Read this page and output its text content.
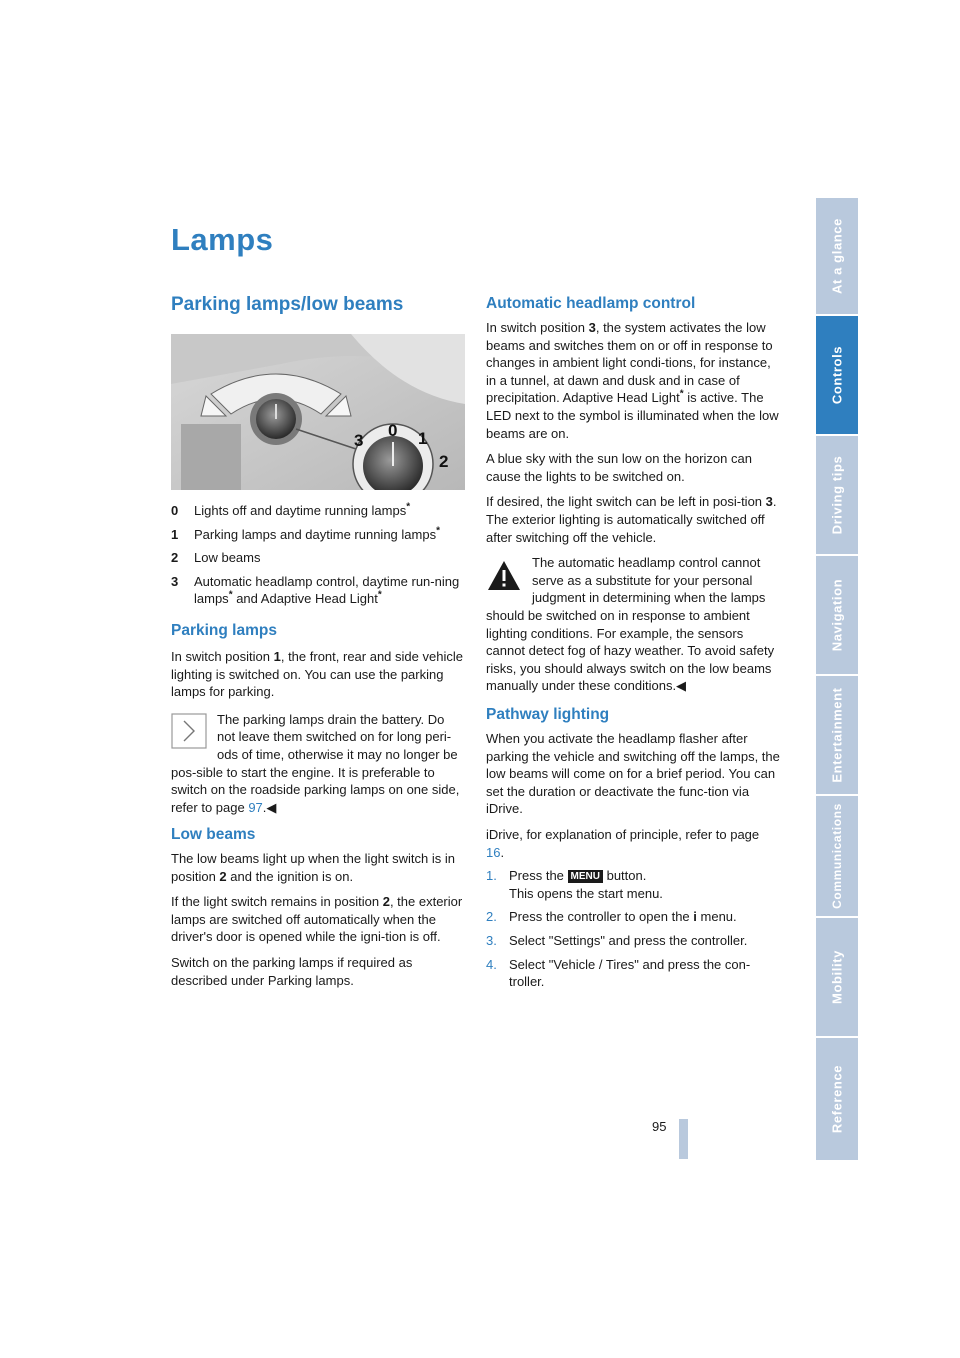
Lamps
Parking lamps/low beams
3
0 1
2
0 Lights off and daytime running lamps*
1 Parking lamps and daytime running lamps*
2 Low beams
3 Automatic headlamp control, daytime run-ning lamps* and Adaptive Head Light*
Parking lamps

In switch position 1, the front, rear and side vehicle lighting is switched on. You can use the parking lamps for parking.

The parking lamps drain the battery. Do not leave them switched on for long peri-ods of time, otherwise it may no longer be pos-sible to start the engine. It is preferable to switch on the roadside parking lamps on one side, refer to page 97.◀

Low beams

The low beams light up when the light switch is in position 2 and the ignition is on.

If the light switch remains in position 2, the exterior lamps are switched off automatically when the driver's door is opened while the igni-tion is off.

Switch on the parking lamps if required as described under Parking lamps.

Automatic headlamp control

In switch position 3, the system activates the low beams and switches them on or off in response to changes in ambient light condi-tions, for instance, in a tunnel, at dawn and dusk and in case of precipitation. Adaptive Head Light* is active. The LED next to the symbol is illuminated when the low beams are on.

A blue sky with the sun low on the horizon can cause the lights to be switched on.

If desired, the light switch can be left in posi-tion 3. The exterior lighting is automatically switched off after switching off the vehicle.

The automatic headlamp control cannot serve as a substitute for your personal judgment in determining when the lamps should be switched on in response to ambient lighting conditions. For example, the sensors cannot detect fog of hazy weather. To avoid safety risks, you should always switch on the low beams manually under these conditions.◀

Pathway lighting

When you activate the headlamp flasher after parking the vehicle and switching off the lamps, the low beams will come on for a brief period. You can set the duration or deactivate the func-tion via iDrive.

iDrive, for explanation of principle, refer to page 16.

1. Press the MENU button.
This opens the start menu.
2. Press the controller to open the i menu.
3. Select "Settings" and press the controller.
4. Select "Vehicle / Tires" and press the con-troller.
At a glance
Controls
Driving tips
Navigation
Entertainment
Communications
Mobility
Reference
95
